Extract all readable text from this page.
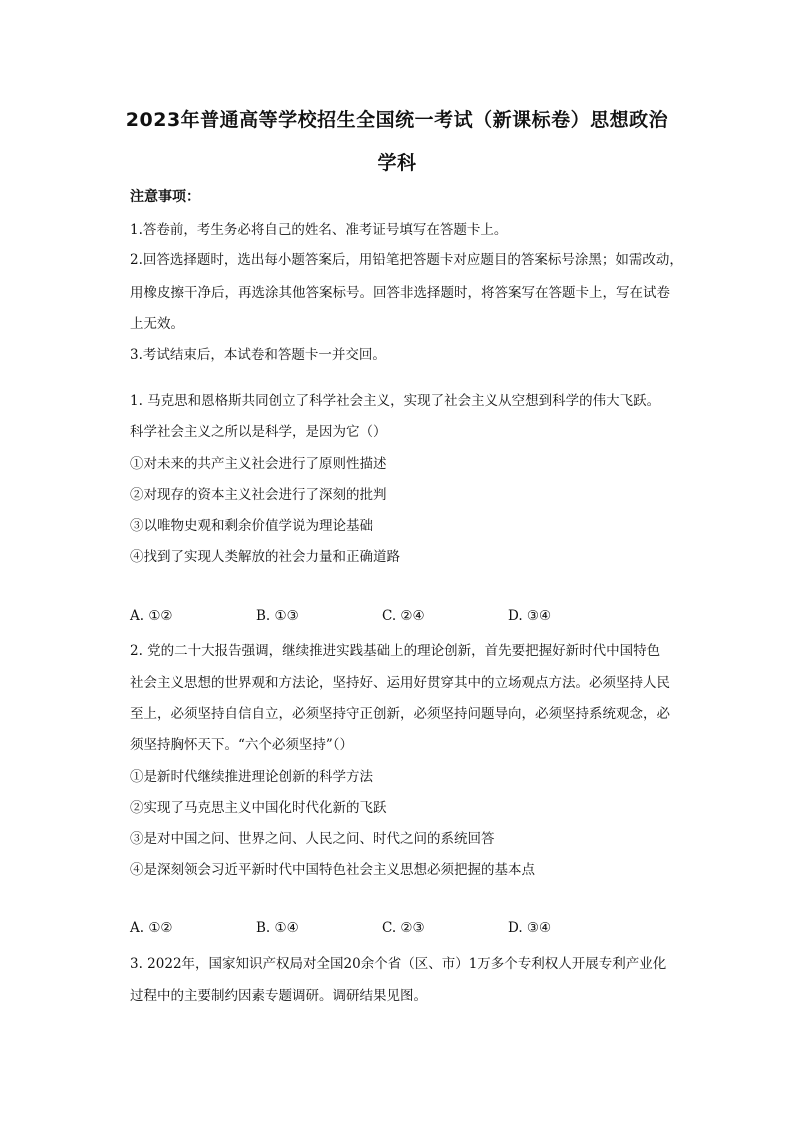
2023年普通高等学校招生全国统一考试（新课标卷）思想政治
学科
注意事项：
1.答卷前，考生务必将自己的姓名、准考证号填写在答题卡上。
2.回答选择题时，选出每小题答案后，用铅笔把答题卡对应题目的答案标号涂黑；如需改动，
用橡皮擦干净后，再选涂其他答案标号。回答非选择题时，将答案写在答题卡上，写在试卷
上无效。
3.考试结束后，本试卷和答题卡一并交回。
1. 马克思和恩格斯共同创立了科学社会主义，实现了社会主义从空想到科学的伟大飞跃。
科学社会主义之所以是科学，是因为它（）
①对未来的共产主义社会进行了原则性描述
②对现存的资本主义社会进行了深刻的批判
③以唯物史观和剩余价值学说为理论基础
④找到了实现人类解放的社会力量和正确道路
A. ①②	B. ①③	C. ②④	D. ③④
2. 党的二十大报告强调，继续推进实践基础上的理论创新，首先要把握好新时代中国特色
社会主义思想的世界观和方法论，坚持好、运用好贯穿其中的立场观点方法。必须坚持人民
至上，必须坚持自信自立，必须坚持守正创新，必须坚持问题导向，必须坚持系统观念，必
须坚持胸怀天下。“六个必须坚持”（）
①是新时代继续推进理论创新的科学方法
②实现了马克思主义中国化时代化新的飞跃
③是对中国之问、世界之问、人民之问、时代之问的系统回答
④是深刻领会习近平新时代中国特色社会主义思想必须把握的基本点
A. ①②	B. ①④	C. ②③	D. ③④
3. 2022年，国家知识产权局对全国20余个省（区、市）1万多个专利权人开展专利产业化
过程中的主要制约因素专题调研。调研结果见图。
